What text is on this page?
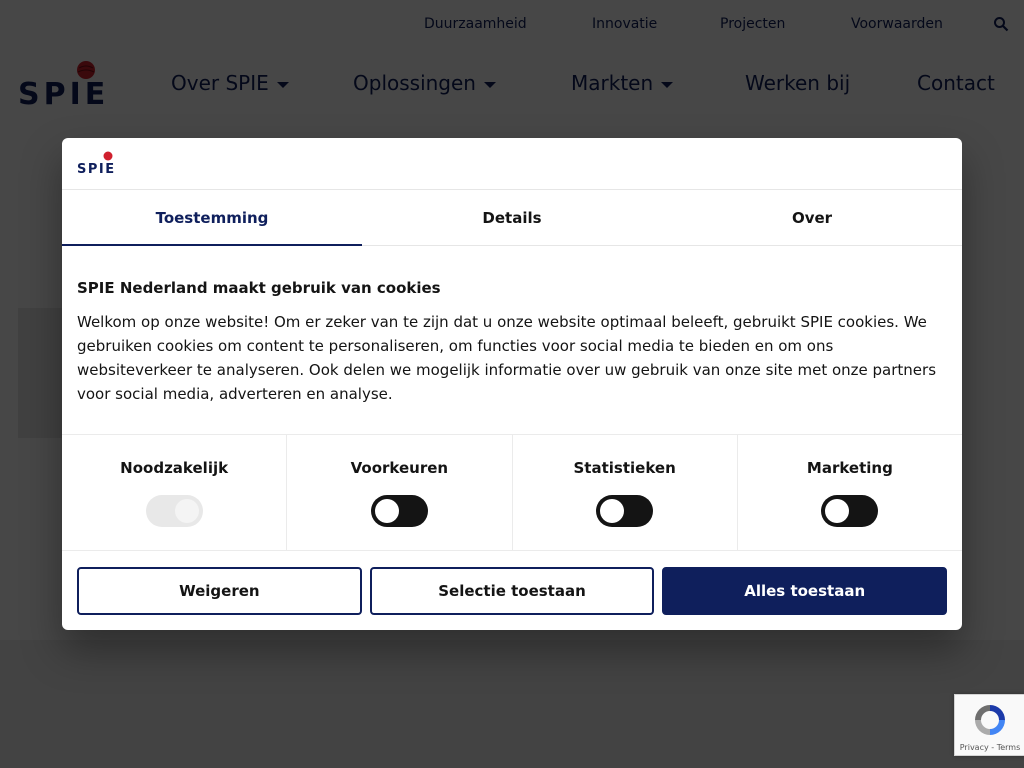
Privacy - Terms
SPIE
Toestemming	Details	Over
SPIE Nederland maakt gebruik van cookies

Welkom op onze website! Om er zeker van te zijn dat u onze website optimaal beleeft, gebruikt SPIE cookies. We gebruiken cookies om content te personaliseren, om functies voor social media te bieden en om ons websiteverkeer te analyseren. Ook delen we mogelijk informatie over uw gebruik van onze site met onze partners voor social media, adverteren en analyse.

Noodzakelijk	Voorkeuren	Statistieken	Marketing
Weigeren	Selectie toestaan	Alles toestaan
